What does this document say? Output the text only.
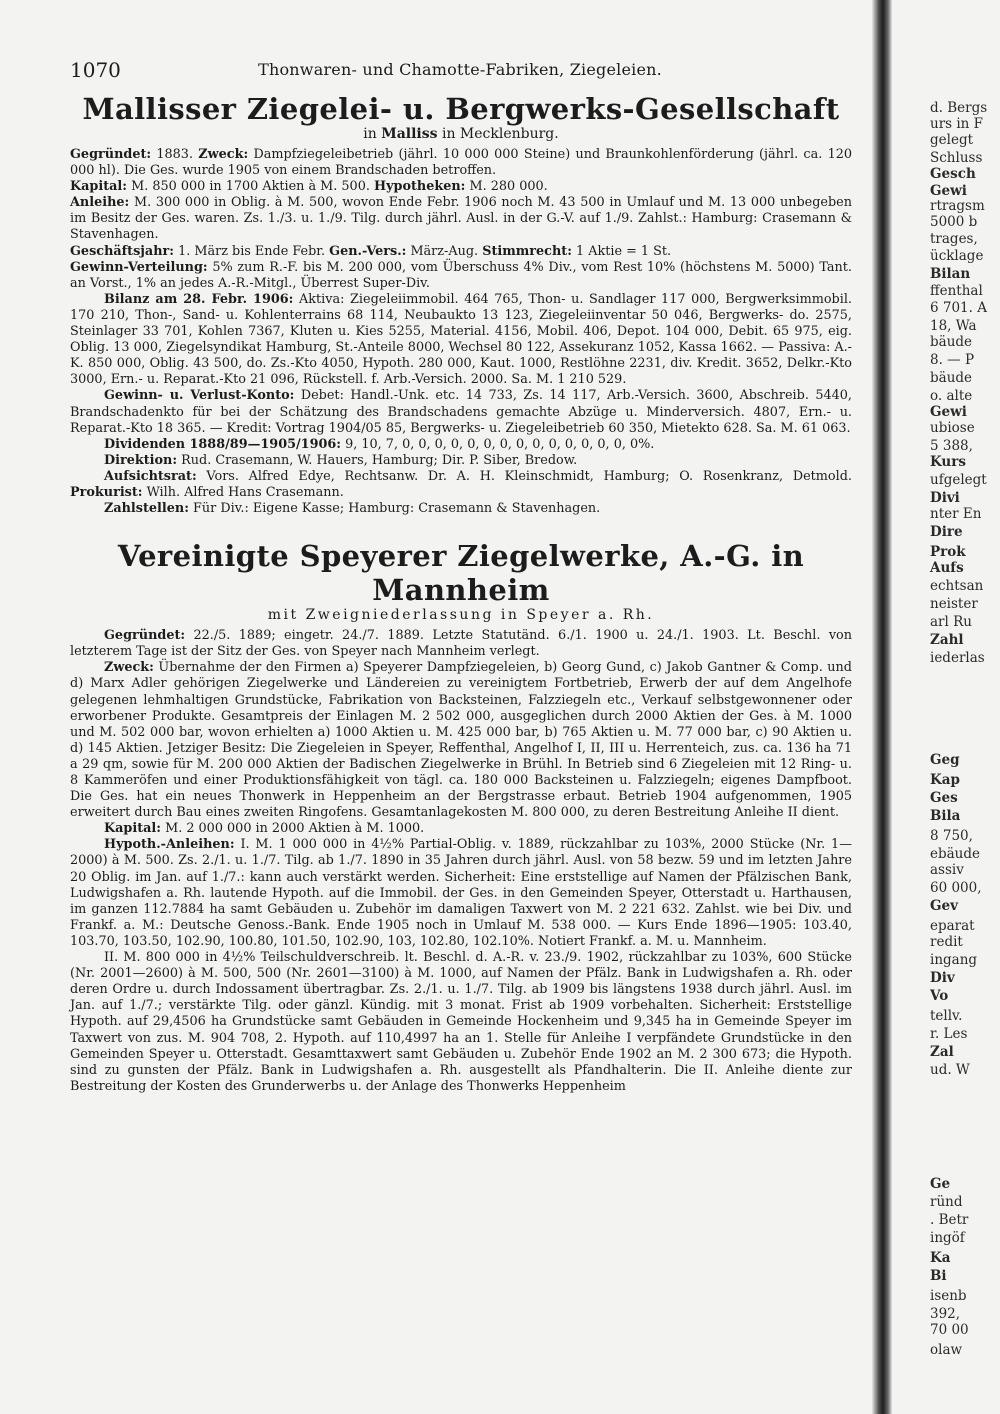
1070	Thonwaren- und Chamotte-Fabriken, Ziegeleien.
Mallisser Ziegelei- u. Bergwerks-Gesellschaft
in Malliss in Mecklenburg.

Gegründet: 1883. Zweck: Dampfziegeleibetrieb (jährl. 10 000 000 Steine) und Braunkohlenförderung (jährl. ca. 120 000 hl). Die Ges. wurde 1905 von einem Brandschaden betroffen.

Kapital: M. 850 000 in 1700 Aktien à M. 500. Hypotheken: M. 280 000.

Anleihe: M. 300 000 in Oblig. à M. 500, wovon Ende Febr. 1906 noch M. 43 500 in Umlauf und M. 13 000 unbegeben im Besitz der Ges. waren. Zs. 1./3. u. 1./9. Tilg. durch jährl. Ausl. in der G.-V. auf 1./9. Zahlst.: Hamburg: Crasemann & Stavenhagen.

Geschäftsjahr: 1. März bis Ende Febr. Gen.-Vers.: März-Aug. Stimmrecht: 1 Aktie = 1 St.

Gewinn-Verteilung: 5% zum R.-F. bis M. 200 000, vom Überschuss 4% Div., vom Rest 10% (höchstens M. 5000) Tant. an Vorst., 1% an jedes A.-R.-Mitgl., Überrest Super-Div.

Bilanz am 28. Febr. 1906: Aktiva: Ziegeleiimmobil. 464 765, Thon- u. Sandlager 117 000, Bergwerksimmobil. 170 210, Thon-, Sand- u. Kohlenterrains 68 114, Neubaukto 13 123, Ziegeleiinventar 50 046, Bergwerks- do. 2575, Steinlager 33 701, Kohlen 7367, Kluten u. Kies 5255, Material. 4156, Mobil. 406, Depot. 104 000, Debit. 65 975, eig. Oblig. 13 000, Ziegelsyndikat Hamburg, St.-Anteile 8000, Wechsel 80 122, Assekuranz 1052, Kassa 1662. — Passiva: A.-K. 850 000, Oblig. 43 500, do. Zs.-Kto 4050, Hypoth. 280 000, Kaut. 1000, Restlöhne 2231, div. Kredit. 3652, Delkr.-Kto 3000, Ern.- u. Reparat.-Kto 21 096, Rückstell. f. Arb.-Versich. 2000. Sa. M. 1 210 529.

Gewinn- u. Verlust-Konto: Debet: Handl.-Unk. etc. 14 733, Zs. 14 117, Arb.-Versich. 3600, Abschreib. 5440, Brandschadenkto für bei der Schätzung des Brandschadens gemachte Abzüge u. Minderversich. 4807, Ern.- u. Reparat.-Kto 18 365. — Kredit: Vortrag 1904/05 85, Bergwerks- u. Ziegeleibetrieb 60 350, Mietekto 628. Sa. M. 61 063.

Dividenden 1888/89—1905/1906: 9, 10, 7, 0, 0, 0, 0, 0, 0, 0, 0, 0, 0, 0, 0, 0, 0, 0%.

Direktion: Rud. Crasemann, W. Hauers, Hamburg; Dir. P. Siber, Bredow.

Aufsichtsrat: Vors. Alfred Edye, Rechtsanw. Dr. A. H. Kleinschmidt, Hamburg; O. Rosenkranz, Detmold. Prokurist: Wilh. Alfred Hans Crasemann.

Zahlstellen: Für Div.: Eigene Kasse; Hamburg: Crasemann & Stavenhagen.

Vereinigte Speyerer Ziegelwerke, A.-G. in Mannheim
mit Zweigniederlassung in Speyer a. Rh.

Gegründet: 22./5. 1889; eingetr. 24./7. 1889. Letzte Statutänd. 6./1. 1900 u. 24./1. 1903. Lt. Beschl. von letzterem Tage ist der Sitz der Ges. von Speyer nach Mannheim verlegt.

Zweck: Übernahme der den Firmen a) Speyerer Dampfziegeleien, b) Georg Gund, c) Jakob Gantner & Comp. und d) Marx Adler gehörigen Ziegelwerke und Ländereien zu vereinigtem Fortbetrieb, Erwerb der auf dem Angelhofe gelegenen lehmhaltigen Grundstücke, Fabrikation von Backsteinen, Falzziegeln etc., Verkauf selbstgewonnener oder erworbener Produkte. Gesamtpreis der Einlagen M. 2 502 000, ausgeglichen durch 2000 Aktien der Ges. à M. 1000 und M. 502 000 bar, wovon erhielten a) 1000 Aktien u. M. 425 000 bar, b) 765 Aktien u. M. 77 000 bar, c) 90 Aktien u. d) 145 Aktien. Jetziger Besitz: Die Ziegeleien in Speyer, Reffenthal, Angelhof I, II, III u. Herrenteich, zus. ca. 136 ha 71 a 29 qm, sowie für M. 200 000 Aktien der Badischen Ziegelwerke in Brühl. In Betrieb sind 6 Ziegeleien mit 12 Ring- u. 8 Kammeröfen und einer Produktionsfähigkeit von tägl. ca. 180 000 Backsteinen u. Falzziegeln; eigenes Dampfboot. Die Ges. hat ein neues Thonwerk in Heppenheim an der Bergstrasse erbaut. Betrieb 1904 aufgenommen, 1905 erweitert durch Bau eines zweiten Ringofens. Gesamtanlagekosten M. 800 000, zu deren Bestreitung Anleihe II dient.

Kapital: M. 2 000 000 in 2000 Aktien à M. 1000.

Hypoth.-Anleihen: I. M. 1 000 000 in 4½% Partial-Oblig. v. 1889, rückzahlbar zu 103%, 2000 Stücke (Nr. 1—2000) à M. 500. Zs. 2./1. u. 1./7. Tilg. ab 1./7. 1890 in 35 Jahren durch jährl. Ausl. von 58 bezw. 59 und im letzten Jahre 20 Oblig. im Jan. auf 1./7.: kann auch verstärkt werden. Sicherheit: Eine erststellige auf Namen der Pfälzischen Bank, Ludwigshafen a. Rh. lautende Hypoth. auf die Immobil. der Ges. in den Gemeinden Speyer, Otterstadt u. Harthausen, im ganzen 112.7884 ha samt Gebäuden u. Zubehör im damaligen Taxwert von M. 2 221 632. Zahlst. wie bei Div. und Frankf. a. M.: Deutsche Genoss.-Bank. Ende 1905 noch in Umlauf M. 538 000. — Kurs Ende 1896—1905: 103.40, 103.70, 103.50, 102.90, 100.80, 101.50, 102.90, 103, 102.80, 102.10%. Notiert Frankf. a. M. u. Mannheim.

II. M. 800 000 in 4½% Teilschuldverschreib. lt. Beschl. d. A.-R. v. 23./9. 1902, rückzahlbar zu 103%, 600 Stücke (Nr. 2001—2600) à M. 500, 500 (Nr. 2601—3100) à M. 1000, auf Namen der Pfälz. Bank in Ludwigshafen a. Rh. oder deren Ordre u. durch Indossament übertragbar. Zs. 2./1. u. 1./7. Tilg. ab 1909 bis längstens 1938 durch jährl. Ausl. im Jan. auf 1./7.; verstärkte Tilg. oder gänzl. Kündig. mit 3 monat. Frist ab 1909 vorbehalten. Sicherheit: Erststellige Hypoth. auf 29,4506 ha Grundstücke samt Gebäuden in Gemeinde Hockenheim und 9,345 ha in Gemeinde Speyer im Taxwert von zus. M. 904 708, 2. Hypoth. auf 110,4997 ha an 1. Stelle für Anleihe I verpfändete Grundstücke in den Gemeinden Speyer u. Otterstadt. Gesamttaxwert samt Gebäuden u. Zubehör Ende 1902 an M. 2 300 673; die Hypoth. sind zu gunsten der Pfälz. Bank in Ludwigshafen a. Rh. ausgestellt als Pfandhalterin. Die II. Anleihe diente zur Bestreitung der Kosten des Grunderwerbs u. der Anlage des Thonwerks Heppenheim

d. Bergs
urs in F
gelegt
Schluss
Gesch
Gewi
rtragsm
5000 b
trages,
ücklage
Bilan
ffenthal
6 701. A
18, Wa
bäude
8. — P
bäude
o. alte
Gewi
ubiose
5 388,
Kurs
ufgelegt
Divi
nter En
Dire
Prok
Aufs
echtsan
neister
arl Ru
Zahl
iederlas
Geg
Kap
Ges
Bila
8 750,
ebäude
assiv
60 000,
Gev
eparat
redit
ingang
Div
Vo
tellv.
r. Les
Zal
ud. W
Ge
ründ
. Betr
ingöf
Ka
Bi
isenb
392,
70 00
olaw
